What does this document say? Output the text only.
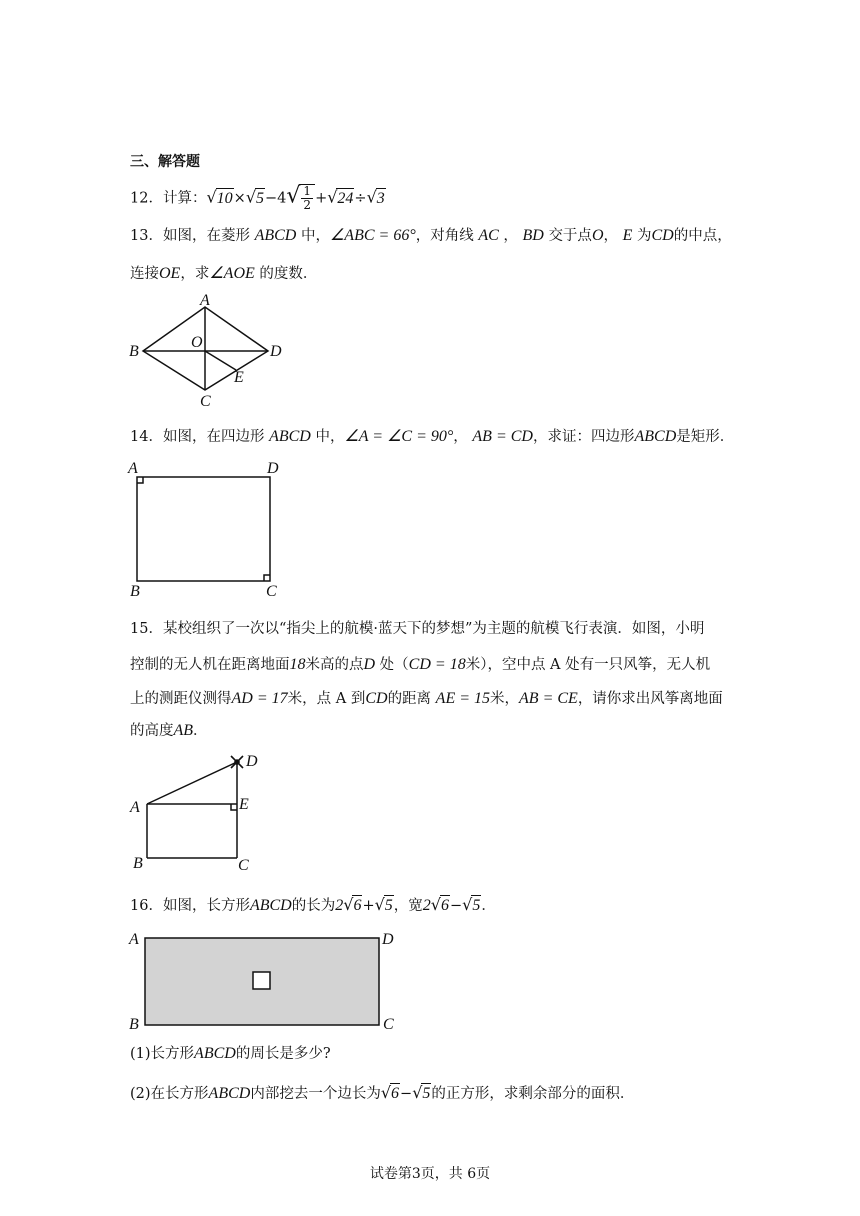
三、解答题
12．计算：$√10\times√5-4√ \frac{1}{2} +√24\div√3$
13．如图，在菱形 ABCD 中，∠ABC = 66°，对角线 AC ， BD 交于点O， E 为CD的中点，
连接OE，求∠AOE 的度数．
A
B
C
D
O
E
14．如图，在四边形 ABCD 中，∠A = ∠C = 90°， AB = CD，求证：四边形ABCD是矩形．
A	D
B	C
15．某校组织了一次以“指尖上的航模·蓝天下的梦想”为主题的航模飞行表演．如图，小明
控制的无人机在距离地面18米高的点D 处（CD = 18米），空中点 A 处有一只风筝，无人机
上的测距仪测得AD = 17米，点 A 到CD的距离 AE = 15米，AB = CE，请你求出风筝离地面
的高度AB．
D
A	E
B	C
16．如图，长方形ABCD的长为2√6+√5，宽2√6−√5．
A	D
B	C
(1)长方形ABCD的周长是多少?
(2)在长方形ABCD内部挖去一个边长为√6−√5的正方形，求剩余部分的面积．
试卷第3页，共 6页
